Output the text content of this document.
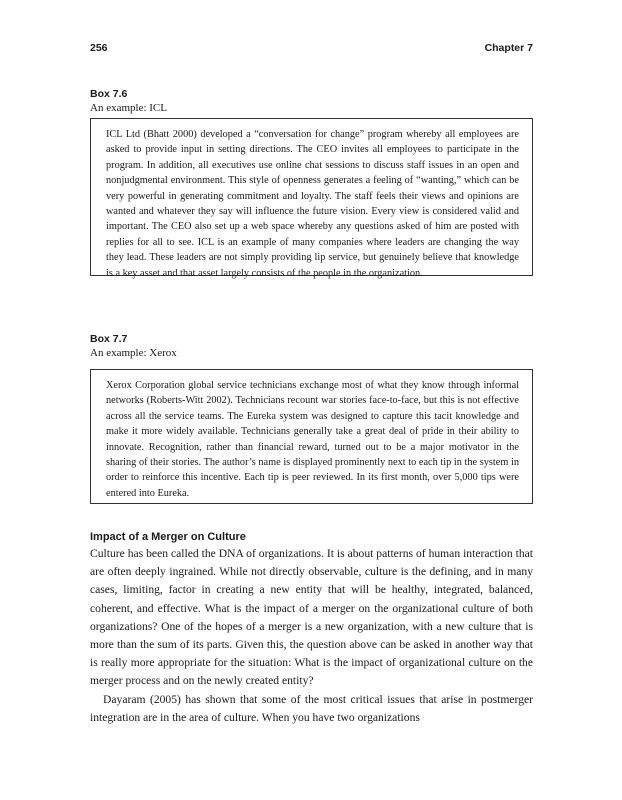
256	Chapter 7
Box 7.6
An example: ICL

ICL Ltd (Bhatt 2000) developed a “conversation for change” program whereby all employees are asked to provide input in setting directions. The CEO invites all employees to participate in the program. In addition, all executives use online chat sessions to discuss staff issues in an open and nonjudgmental environment. This style of openness generates a feeling of “wanting,” which can be very powerful in generating commitment and loyalty. The staff feels their views and opinions are wanted and whatever they say will influence the future vision. Every view is considered valid and important. The CEO also set up a web space whereby any questions asked of him are posted with replies for all to see. ICL is an example of many companies where leaders are changing the way they lead. These leaders are not simply providing lip service, but genuinely believe that knowledge is a key asset and that asset largely consists of the people in the organization.

Box 7.7
An example: Xerox

Xerox Corporation global service technicians exchange most of what they know through informal networks (Roberts-Witt 2002). Technicians recount war stories face-to-face, but this is not effective across all the service teams. The Eureka system was designed to capture this tacit knowledge and make it more widely available. Technicians generally take a great deal of pride in their ability to innovate. Recognition, rather than financial reward, turned out to be a major motivator in the sharing of their stories. The author’s name is displayed prominently next to each tip in the system in order to reinforce this incentive. Each tip is peer reviewed. In its first month, over 5,000 tips were entered into Eureka.

Impact of a Merger on Culture

Culture has been called the DNA of organizations. It is about patterns of human interaction that are often deeply ingrained. While not directly observable, culture is the defining, and in many cases, limiting, factor in creating a new entity that will be healthy, integrated, balanced, coherent, and effective. What is the impact of a merger on the organizational culture of both organizations? One of the hopes of a merger is a new organization, with a new culture that is more than the sum of its parts. Given this, the question above can be asked in another way that is really more appropriate for the situation: What is the impact of organizational culture on the merger process and on the newly created entity?

Dayaram (2005) has shown that some of the most critical issues that arise in postmerger integration are in the area of culture. When you have two organizations
